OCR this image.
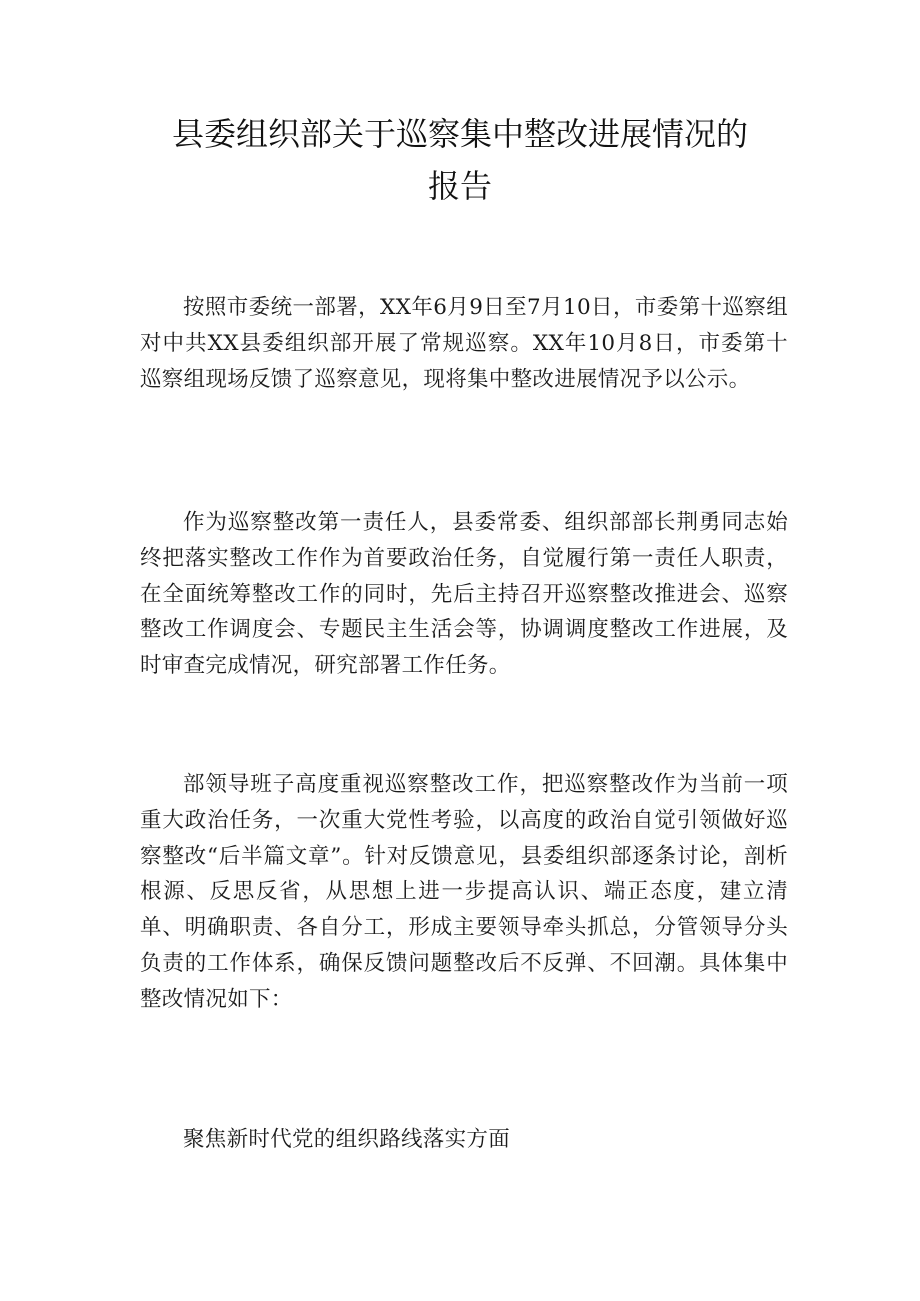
县委组织部关于巡察集中整改进展情况的
报告

按照市委统一部署，XX年6月9日至7月10日，市委第十巡察组对中共XX县委组织部开展了常规巡察。XX年10月8日，市委第十巡察组现场反馈了巡察意见，现将集中整改进展情况予以公示。

作为巡察整改第一责任人，县委常委、组织部部长荆勇同志始终把落实整改工作作为首要政治任务，自觉履行第一责任人职责，在全面统筹整改工作的同时，先后主持召开巡察整改推进会、巡察整改工作调度会、专题民主生活会等，协调调度整改工作进展，及时审查完成情况，研究部署工作任务。

部领导班子高度重视巡察整改工作，把巡察整改作为当前一项重大政治任务，一次重大党性考验，以高度的政治自觉引领做好巡察整改“后半篇文章”。针对反馈意见，县委组织部逐条讨论，剖析根源、反思反省，从思想上进一步提高认识、端正态度，建立清单、明确职责、各自分工，形成主要领导牵头抓总，分管领导分头负责的工作体系，确保反馈问题整改后不反弹、不回潮。具体集中整改情况如下：

聚焦新时代党的组织路线落实方面
